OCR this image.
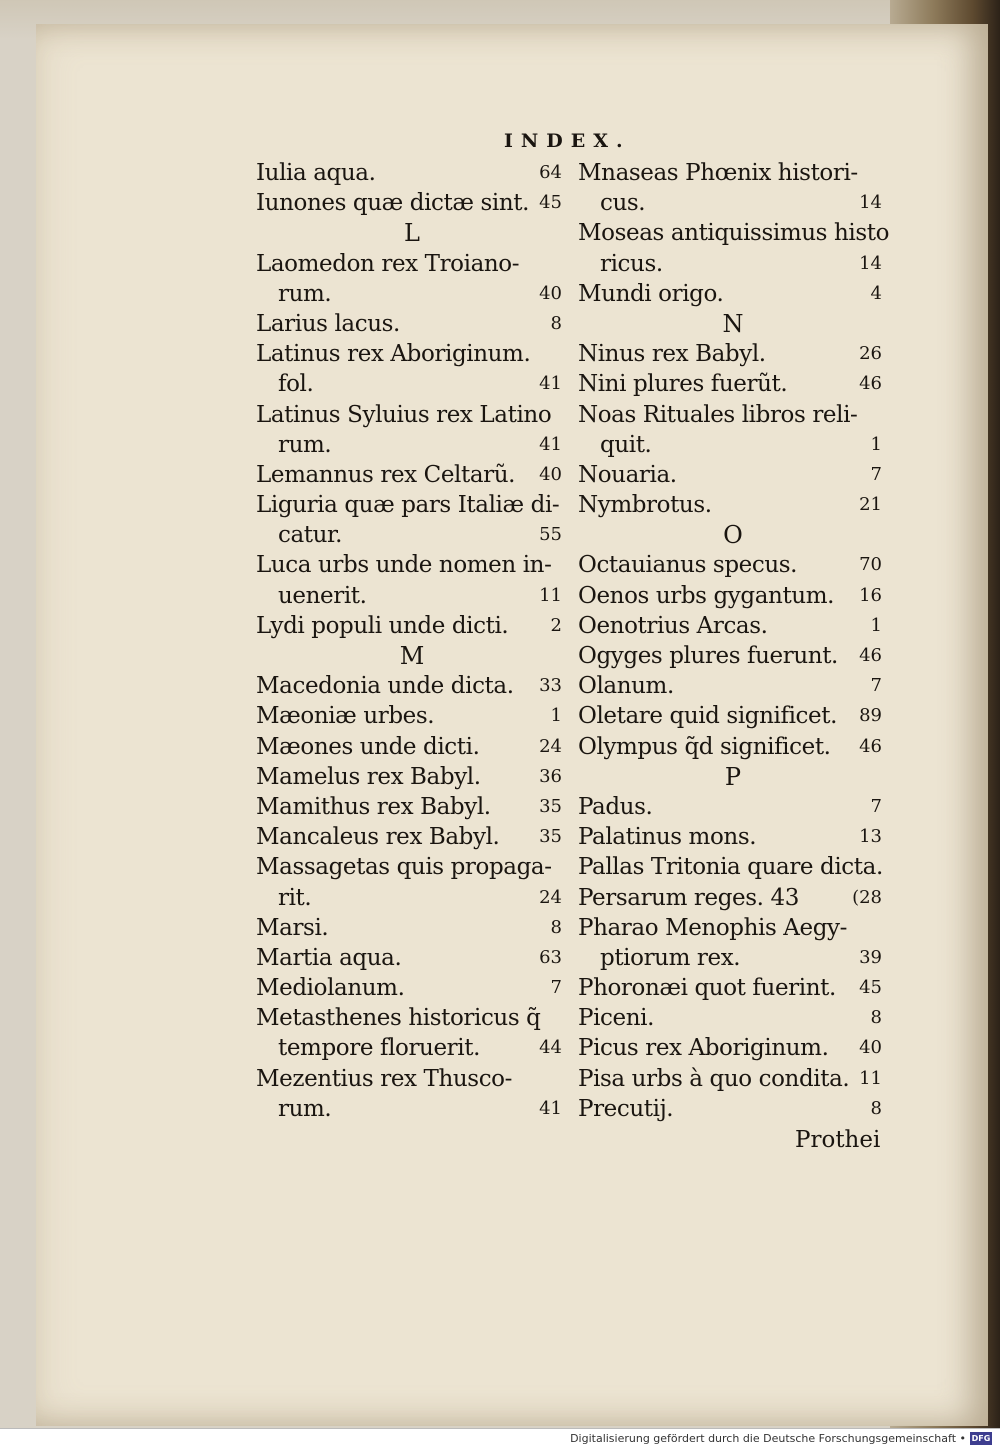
INDEX.
Iulia aqua.	64
Iunones quæ dictæ sint. 45
L
Laomedon rex Troiano-
rum.	40
Larius lacus.	8
Latinus rex Aboriginum.
fol.	41
Latinus Syluius rex Latino
rum.	41
Lemannus rex Celtarũ. 40
Liguria quæ pars Italiæ di-
catur.	55
Luca urbs unde nomen in-
uenerit.	11
Lydi populi unde dicti. 2
M
Macedonia unde dicta. 33
Mæoniæ urbes.	1
Mæones unde dicti.	24
Mamelus rex Babyl.	36
Mamithus rex Babyl.	35
Mancaleus rex Babyl. 35
Massagetas quis propaga-
rit.	24
Marsi.	8
Martia aqua.	63
Mediolanum.	7
Metasthenes historicus q̃
tempore floruerit.	44
Mezentius rex Thusco-
rum.	41
Mnaseas Phœnix histori-
cus.	14
Moseas antiquissimus histo
ricus.	14
Mundi origo.	4
N
Ninus rex Babyl.	26
Nini plures fuerũt.	46
Noas Rituales libros reli-
quit.	1
Nouaria.	7
Nymbrotus.	21
O
Octauianus specus.	70
Oenos urbs gygantum. 16
Oenotrius Arcas.	1
Ogyges plures fuerunt. 46
Olanum.	7
Oletare quid significet. 89
Olympus q̃d significet. 46
P
Padus.	7
Palatinus mons.	13
Pallas Tritonia quare dicta.
Persarum reges. 43	(28
Pharao Menophis Aegy-
ptiorum rex.	39
Phoronæi quot fuerint. 45
Piceni.	8
Picus rex Aboriginum. 40
Pisa urbs à quo condita. 11
Precutij.	8
Prothei
Digitalisierung gefördert durch die Deutsche Forschungsgemeinschaft • DFG
